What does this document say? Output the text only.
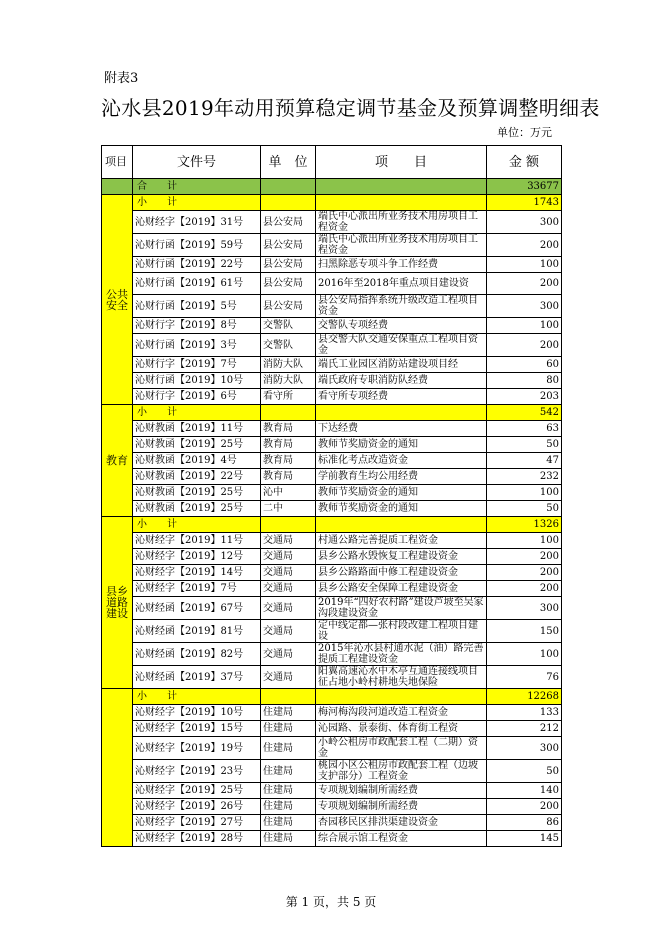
附表3
沁水县2019年动用预算稳定调节基金及预算调整明细表
单位：万元
项目	文件号	单　位	项　　目	金 额
	合　　计			33677
公共安全	小　　计			1743
	沁财经字【2019】31号	县公安局	端氏中心派出所业务技术用房项目工程资金	300
	沁财行函【2019】59号	县公安局	端氏中心派出所业务技术用房项目工程资金	200
	沁财行函【2019】22号	县公安局	扫黑除恶专项斗争工作经费	100
	沁财行函【2019】61号	县公安局	2016年至2018年重点项目建设资	200
	沁财行函【2019】5号	县公安局	县公安局指挥系统升级改造工程项目资金	300
	沁财行字【2019】8号	交警队	交警队专项经费	100
	沁财行函【2019】3号	交警队	县交警大队交通安保重点工程项目资金	200
	沁财行字【2019】7号	消防大队	端氏工业园区消防站建设项目经	60
	沁财行函【2019】10号	消防大队	端氏政府专职消防队经费	80
	沁财行字【2019】6号	看守所	看守所专项经费	203
教育	小　　计			542
	沁财教函【2019】11号	教育局	下达经费	63
	沁财教函【2019】25号	教育局	教师节奖励资金的通知	50
	沁财教函【2019】4号	教育局	标准化考点改造资金	47
	沁财教函【2019】22号	教育局	学前教育生均公用经费	232
	沁财教函【2019】25号	沁中	教师节奖励资金的通知	100
	沁财教函【2019】25号	二中	教师节奖励资金的通知	50
县乡道路建设	小　　计			1326
	沁财经字【2019】11号	交通局	村通公路完善提质工程资金	100
	沁财经字【2019】12号	交通局	县乡公路水毁恢复工程建设资金	200
	沁财经字【2019】14号	交通局	县乡公路路面中修工程建设资金	200
	沁财经字【2019】7号	交通局	县乡公路安全保障工程建设资金	200
	沁财经函【2019】67号	交通局	2019年“四好农村路”建设芦坡至吴家沟段建设资金	300
	沁财经函【2019】81号	交通局	定中线定都—张村段改建工程项目建设	150
	沁财经函【2019】82号	交通局	2015年沁水县村通水泥（油）路完善提质工程建设资金	100
	沁财经函【2019】37号	交通局	阳翼高速沁水中木亭互通连接线项目征占地小岭村耕地失地保险	76
	小　　计			12268
	沁财经字【2019】10号	住建局	梅河梅沟段河道改造工程资金	133
	沁财经字【2019】15号	住建局	沁园路、景泰街、体育街工程资	212
	沁财经字【2019】19号	住建局	小岭公租房市政配套工程（二期）资金	300
	沁财经字【2019】23号	住建局	桃园小区公租房市政配套工程（边坡支护部分）工程资金	50
	沁财经字【2019】25号	住建局	专项规划编制所需经费	140
	沁财经字【2019】26号	住建局	专项规划编制所需经费	200
	沁财经字【2019】27号	住建局	杏园移民区排洪渠建设资金	86
	沁财经字【2019】28号	住建局	综合展示馆工程资金	145
第 1 页，共 5 页
